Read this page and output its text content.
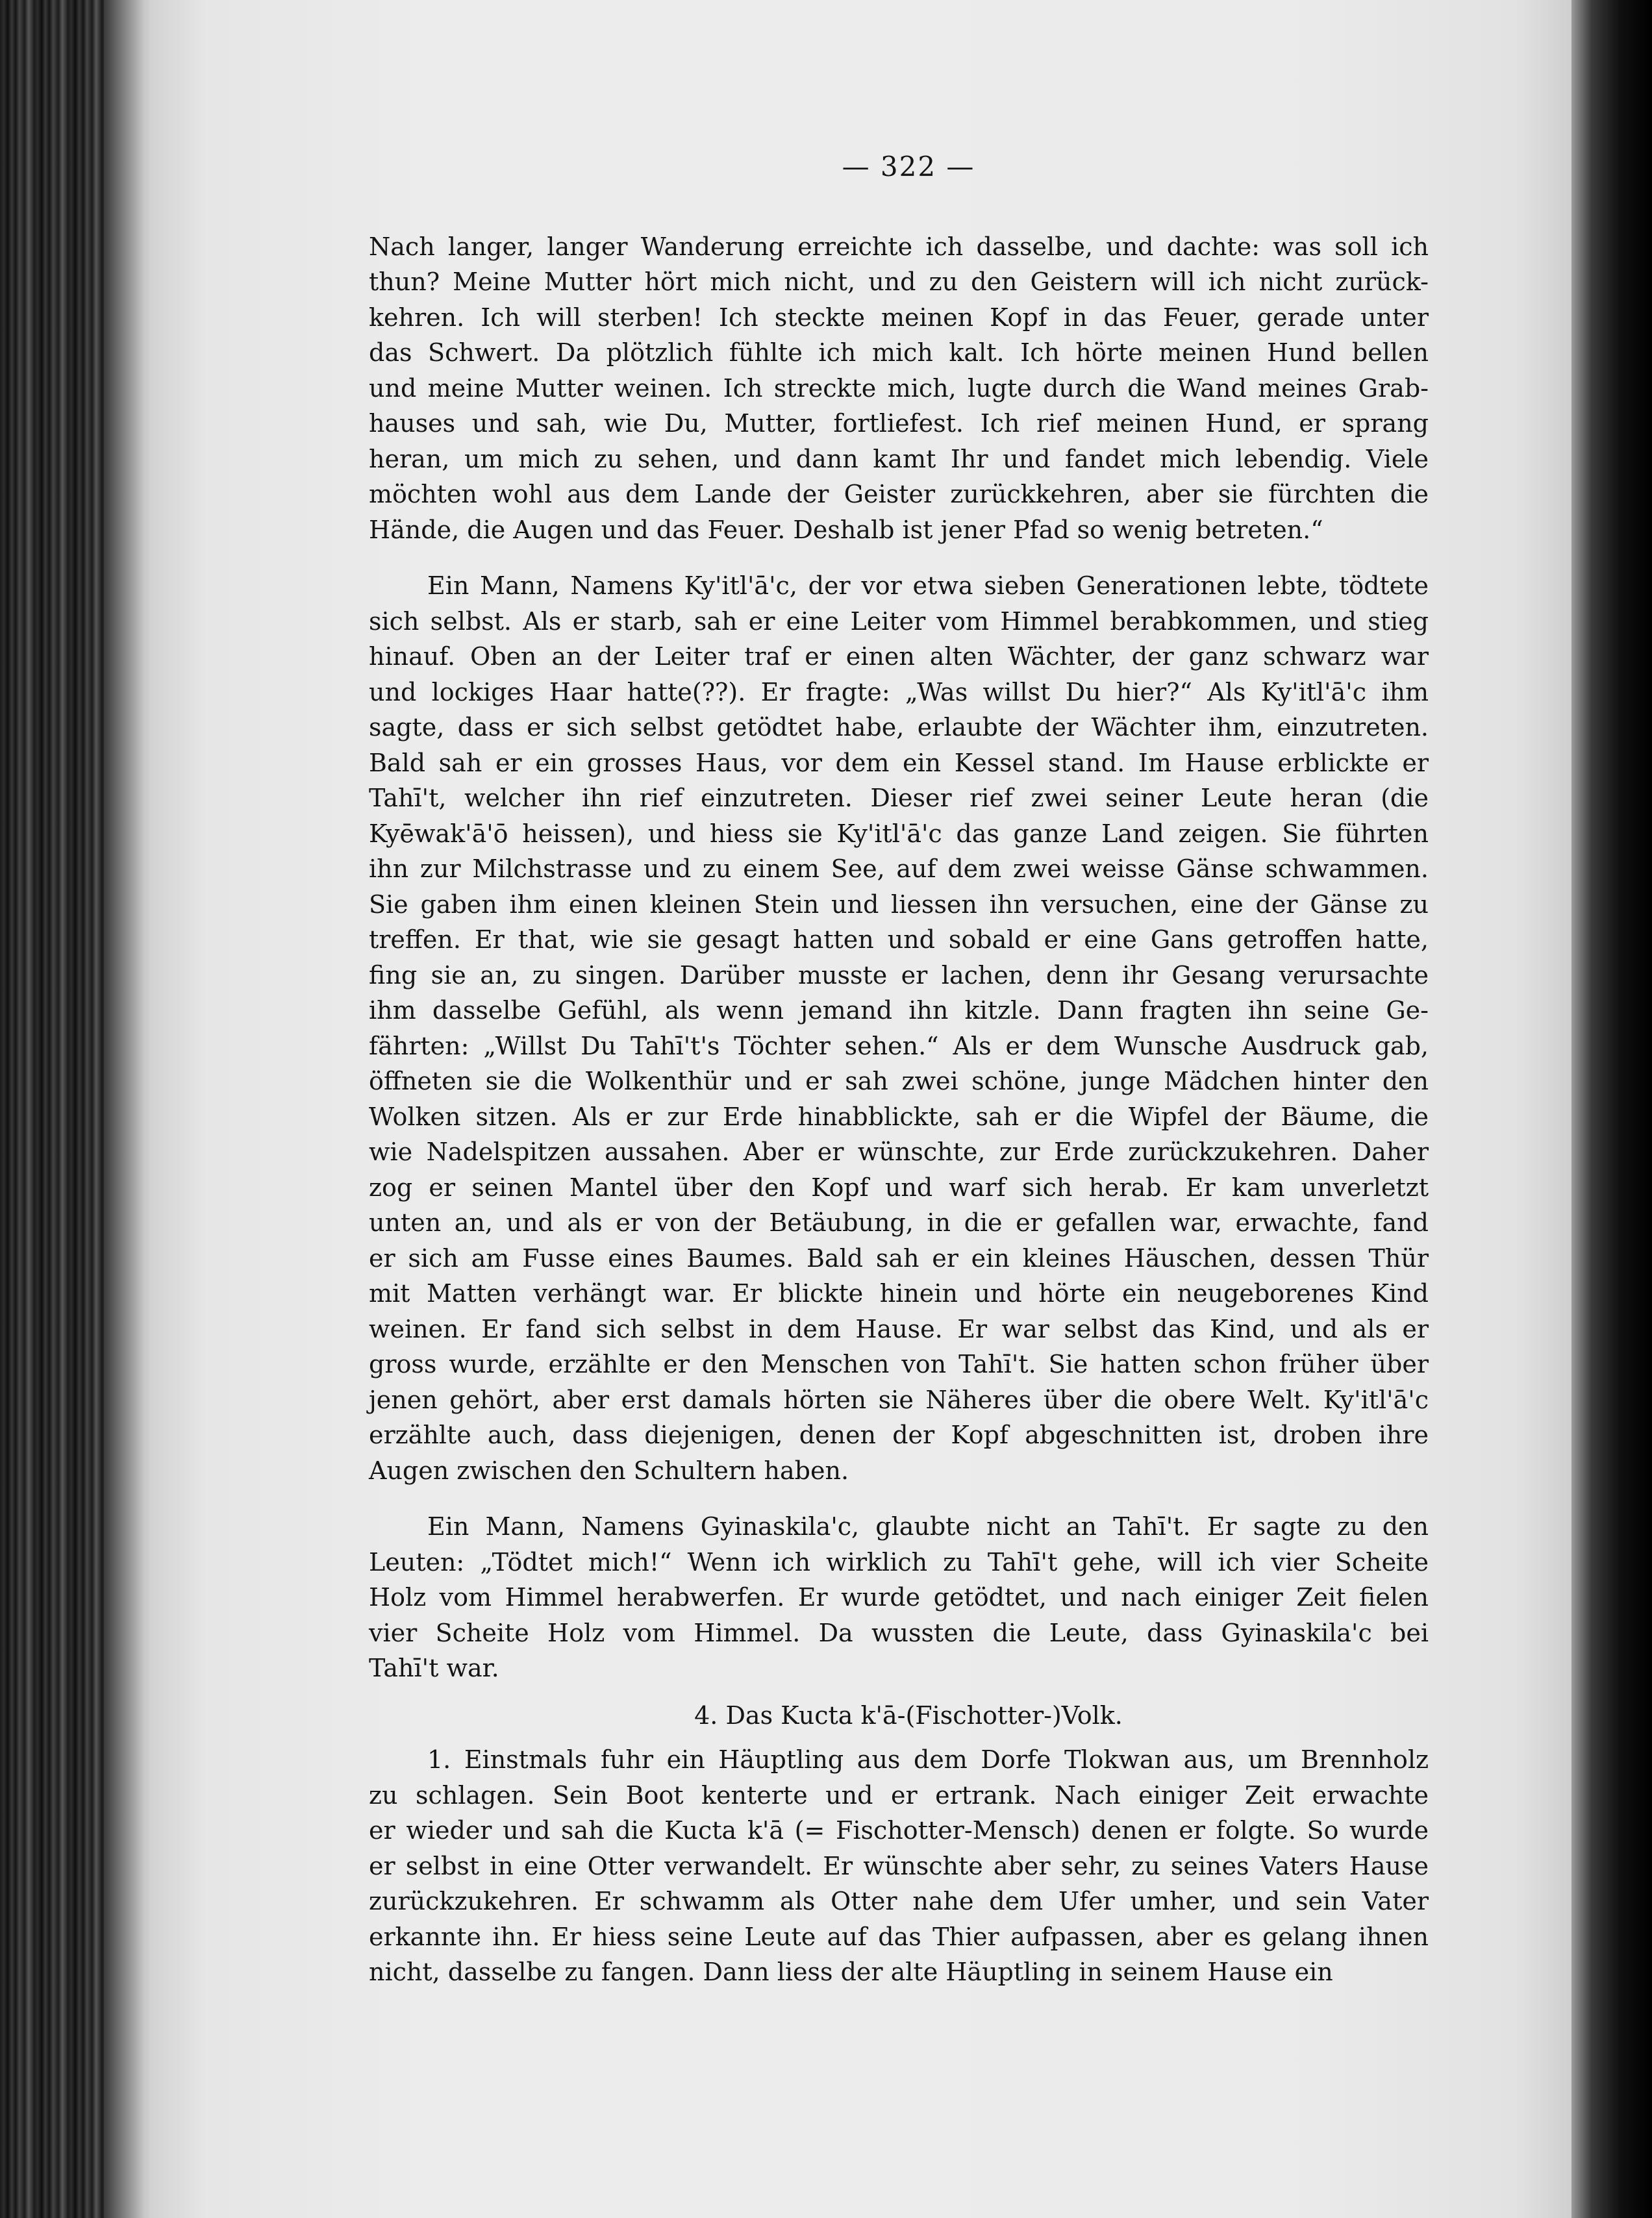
— 322 —
Nach langer, langer Wanderung erreichte ich dasselbe, und dachte: was soll ich
thun? Meine Mutter hört mich nicht, und zu den Geistern will ich nicht zurück-
kehren. Ich will sterben! Ich steckte meinen Kopf in das Feuer, gerade unter
das Schwert. Da plötzlich fühlte ich mich kalt. Ich hörte meinen Hund bellen
und meine Mutter weinen. Ich streckte mich, lugte durch die Wand meines Grab-
hauses und sah, wie Du, Mutter, fortliefest. Ich rief meinen Hund, er sprang
heran, um mich zu sehen, und dann kamt Ihr und fandet mich lebendig. Viele
möchten wohl aus dem Lande der Geister zurückkehren, aber sie fürchten die
Hände, die Augen und das Feuer. Deshalb ist jener Pfad so wenig betreten.“
Ein Mann, Namens Ky'itl'ā'c, der vor etwa sieben Generationen lebte, tödtete
sich selbst. Als er starb, sah er eine Leiter vom Himmel berabkommen, und stieg
hinauf. Oben an der Leiter traf er einen alten Wächter, der ganz schwarz war
und lockiges Haar hatte(??). Er fragte: „Was willst Du hier?“ Als Ky'itl'ā'c ihm
sagte, dass er sich selbst getödtet habe, erlaubte der Wächter ihm, einzutreten.
Bald sah er ein grosses Haus, vor dem ein Kessel stand. Im Hause erblickte er
Tahī't, welcher ihn rief einzutreten. Dieser rief zwei seiner Leute heran (die
Kyēwak'ā'ō heissen), und hiess sie Ky'itl'ā'c das ganze Land zeigen. Sie führten
ihn zur Milchstrasse und zu einem See, auf dem zwei weisse Gänse schwammen.
Sie gaben ihm einen kleinen Stein und liessen ihn versuchen, eine der Gänse zu
treffen. Er that, wie sie gesagt hatten und sobald er eine Gans getroffen hatte,
fing sie an, zu singen. Darüber musste er lachen, denn ihr Gesang verursachte
ihm dasselbe Gefühl, als wenn jemand ihn kitzle. Dann fragten ihn seine Ge-
fährten: „Willst Du Tahī't's Töchter sehen.“ Als er dem Wunsche Ausdruck gab,
öffneten sie die Wolkenthür und er sah zwei schöne, junge Mädchen hinter den
Wolken sitzen. Als er zur Erde hinabblickte, sah er die Wipfel der Bäume, die
wie Nadelspitzen aussahen. Aber er wünschte, zur Erde zurückzukehren. Daher
zog er seinen Mantel über den Kopf und warf sich herab. Er kam unverletzt
unten an, und als er von der Betäubung, in die er gefallen war, erwachte, fand
er sich am Fusse eines Baumes. Bald sah er ein kleines Häuschen, dessen Thür
mit Matten verhängt war. Er blickte hinein und hörte ein neugeborenes Kind
weinen. Er fand sich selbst in dem Hause. Er war selbst das Kind, und als er
gross wurde, erzählte er den Menschen von Tahī't. Sie hatten schon früher über
jenen gehört, aber erst damals hörten sie Näheres über die obere Welt. Ky'itl'ā'c
erzählte auch, dass diejenigen, denen der Kopf abgeschnitten ist, droben ihre
Augen zwischen den Schultern haben.
Ein Mann, Namens Gyinaskila'c, glaubte nicht an Tahī't. Er sagte zu den
Leuten: „Tödtet mich!“ Wenn ich wirklich zu Tahī't gehe, will ich vier Scheite
Holz vom Himmel herabwerfen. Er wurde getödtet, und nach einiger Zeit fielen
vier Scheite Holz vom Himmel. Da wussten die Leute, dass Gyinaskila'c bei
Tahī't war.
4. Das Kucta k'ā-(Fischotter-)Volk.
1. Einstmals fuhr ein Häuptling aus dem Dorfe Tlokwan aus, um Brennholz
zu schlagen. Sein Boot kenterte und er ertrank. Nach einiger Zeit erwachte
er wieder und sah die Kucta k'ā (= Fischotter-Mensch) denen er folgte. So wurde
er selbst in eine Otter verwandelt. Er wünschte aber sehr, zu seines Vaters Hause
zurückzukehren. Er schwamm als Otter nahe dem Ufer umher, und sein Vater
erkannte ihn. Er hiess seine Leute auf das Thier aufpassen, aber es gelang ihnen
nicht, dasselbe zu fangen. Dann liess der alte Häuptling in seinem Hause ein
